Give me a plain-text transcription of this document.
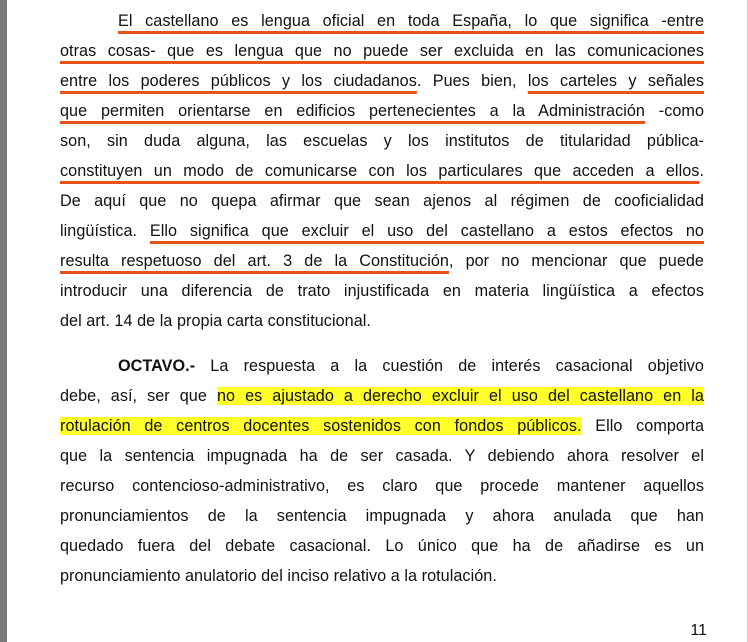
El castellano es lengua oficial en toda España, lo que significa -entre
otras cosas- que es lengua que no puede ser excluida en las comunicaciones
entre los poderes públicos y los ciudadanos. Pues bien, los carteles y señales
que permiten orientarse en edificios pertenecientes a la Administración -como
son, sin duda alguna, las escuelas y los institutos de titularidad pública-
constituyen un modo de comunicarse con los particulares que acceden a ellos.
De aquí que no quepa afirmar que sean ajenos al régimen de cooficialidad
lingüística. Ello significa que excluir el uso del castellano a estos efectos no
resulta respetuoso del art. 3 de la Constitución, por no mencionar que puede
introducir una diferencia de trato injustificada en materia lingüística a efectos
del art. 14 de la propia carta constitucional.
OCTAVO.- La respuesta a la cuestión de interés casacional objetivo
debe, así, ser que no es ajustado a derecho excluir el uso del castellano en la
rotulación de centros docentes sostenidos con fondos públicos. Ello comporta
que la sentencia impugnada ha de ser casada. Y debiendo ahora resolver el
recurso contencioso-administrativo, es claro que procede mantener aquellos
pronunciamientos de la sentencia impugnada y ahora anulada que han
quedado fuera del debate casacional. Lo único que ha de añadirse es un
pronunciamiento anulatorio del inciso relativo a la rotulación.
11
